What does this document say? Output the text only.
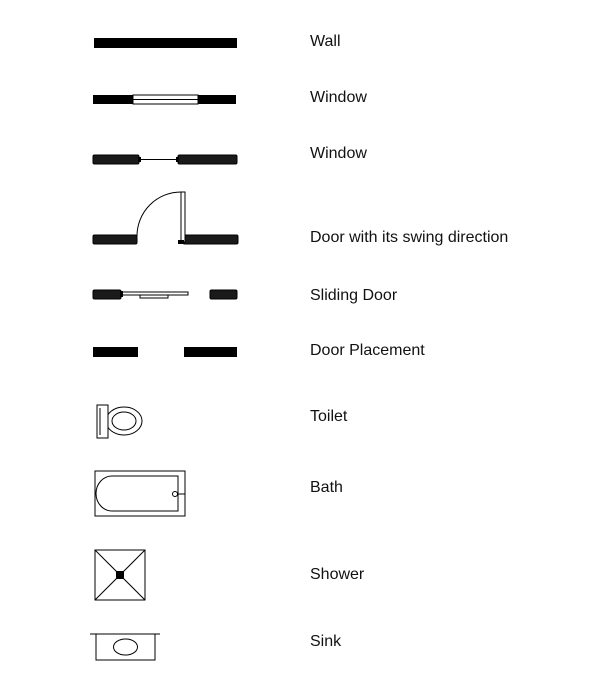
Wall
Window
Window
Door with its swing direction
Sliding Door
Door Placement
Toilet
Bath
Shower
Sink
